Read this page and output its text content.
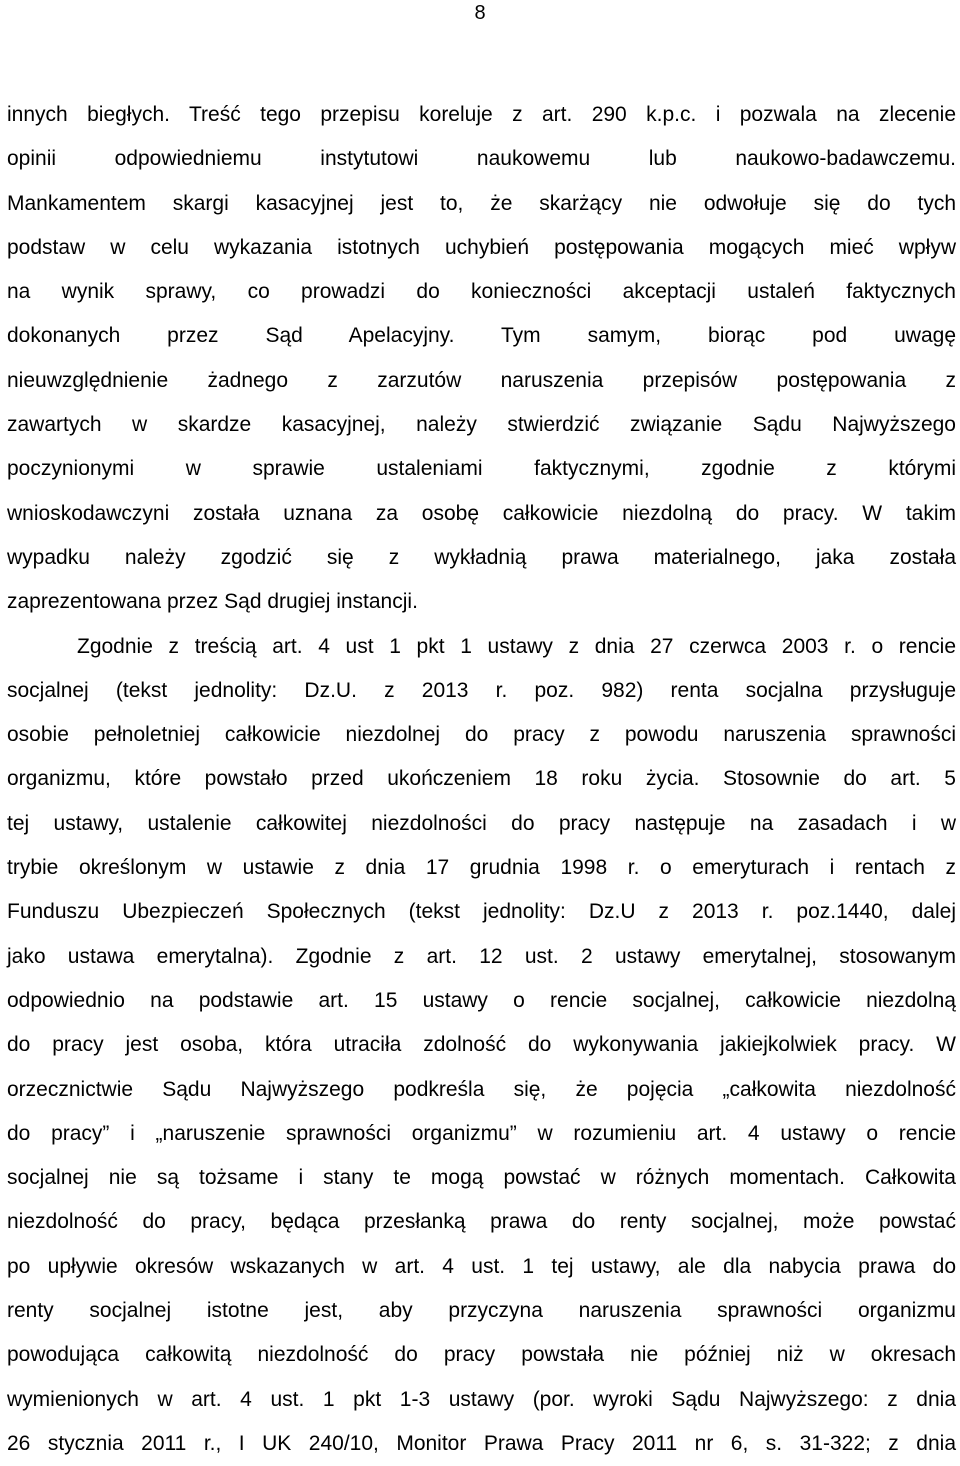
8
innych biegłych. Treść tego przepisu koreluje z art. 290 k.p.c. i pozwala na zlecenie
opinii odpowiedniemu instytutowi naukowemu lub naukowo-badawczemu.
Mankamentem skargi kasacyjnej jest to, że skarżący nie odwołuje się do tych
podstaw w celu wykazania istotnych uchybień postępowania mogących mieć wpływ
na wynik sprawy, co prowadzi do konieczności akceptacji ustaleń faktycznych
dokonanych przez Sąd Apelacyjny. Tym samym, biorąc pod uwagę
nieuwzględnienie żadnego z zarzutów naruszenia przepisów postępowania z
zawartych w skardze kasacyjnej, należy stwierdzić związanie Sądu Najwyższego
poczynionymi w sprawie ustaleniami faktycznymi, zgodnie z którymi
wnioskodawczyni została uznana za osobę całkowicie niezdolną do pracy. W takim
wypadku należy zgodzić się z wykładnią prawa materialnego, jaka została
zaprezentowana przez Sąd drugiej instancji.
Zgodnie z treścią art. 4 ust 1 pkt 1 ustawy z dnia 27 czerwca 2003 r. o rencie
socjalnej (tekst jednolity: Dz.U. z 2013 r. poz. 982) renta socjalna przysługuje
osobie pełnoletniej całkowicie niezdolnej do pracy z powodu naruszenia sprawności
organizmu, które powstało przed ukończeniem 18 roku życia. Stosownie do art. 5
tej ustawy, ustalenie całkowitej niezdolności do pracy następuje na zasadach i w
trybie określonym w ustawie z dnia 17 grudnia 1998 r. o emeryturach i rentach z
Funduszu Ubezpieczeń Społecznych (tekst jednolity: Dz.U z 2013 r. poz.1440, dalej
jako ustawa emerytalna). Zgodnie z art. 12 ust. 2 ustawy emerytalnej, stosowanym
odpowiednio na podstawie art. 15 ustawy o rencie socjalnej, całkowicie niezdolną
do pracy jest osoba, która utraciła zdolność do wykonywania jakiejkolwiek pracy. W
orzecznictwie Sądu Najwyższego podkreśla się, że pojęcia „całkowita niezdolność
do pracy” i „naruszenie sprawności organizmu” w rozumieniu art. 4 ustawy o rencie
socjalnej nie są tożsame i stany te mogą powstać w różnych momentach. Całkowita
niezdolność do pracy, będąca przesłanką prawa do renty socjalnej, może powstać
po upływie okresów wskazanych w art. 4 ust. 1 tej ustawy, ale dla nabycia prawa do
renty socjalnej istotne jest, aby przyczyna naruszenia sprawności organizmu
powodująca całkowitą niezdolność do pracy powstała nie później niż w okresach
wymienionych w art. 4 ust. 1 pkt 1-3 ustawy (por. wyroki Sądu Najwyższego: z dnia
26 stycznia 2011 r., I UK 240/10, Monitor Prawa Pracy 2011 nr 6, s. 31-322; z dnia
